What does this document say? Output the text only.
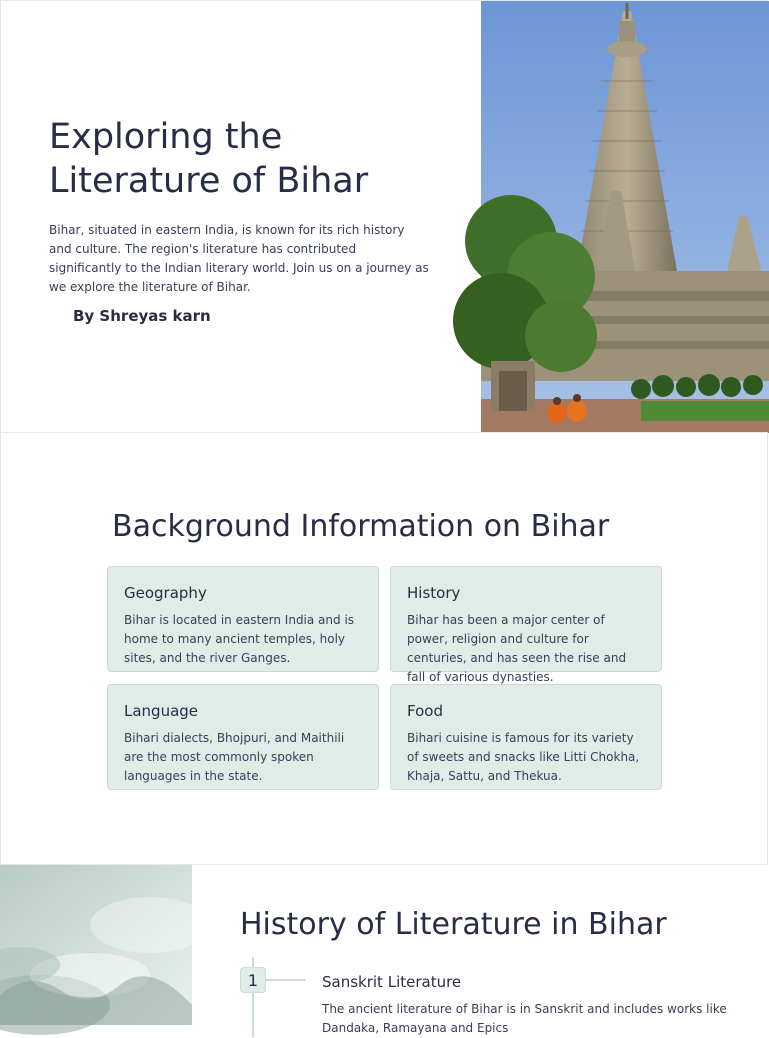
Exploring the
Literature of Bihar

Bihar, situated in eastern India, is known for its rich history and culture. The region's literature has contributed significantly to the Indian literary world. Join us on a journey as we explore the literature of Bihar.

By Shreyas karn
Background Information on Bihar
Geography

Bihar is located in eastern India and is home to many ancient temples, holy sites, and the river Ganges.

History

Bihar has been a major center of power, religion and culture for centuries, and has seen the rise and fall of various dynasties.

Language

Bihari dialects, Bhojpuri, and Maithili are the most commonly spoken languages in the state.

Food

Bihari cuisine is famous for its variety of sweets and snacks like Litti Chokha, Khaja, Sattu, and Thekua.

History of Literature in Bihar
1	Sanskrit Literature
The ancient literature of Bihar is in Sanskrit and includes works like Dandaka, Ramayana and Epics
